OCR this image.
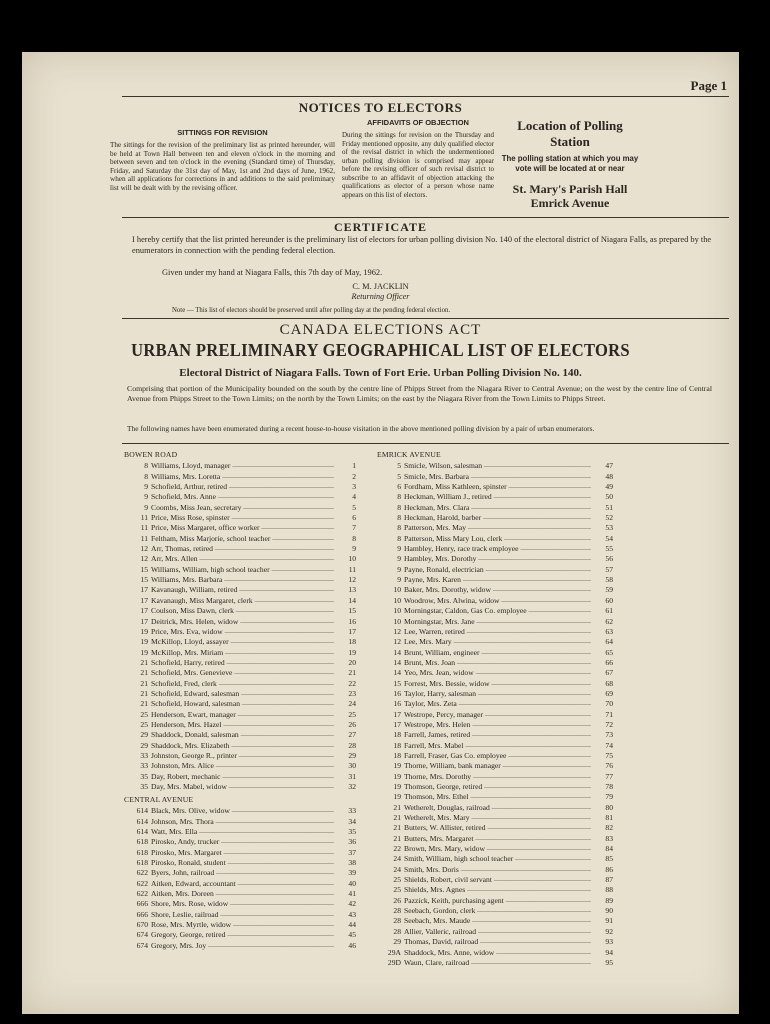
Page 1
NOTICES TO ELECTORS
SITTINGS FOR REVISION
The sittings for the revision of the preliminary list as printed hereunder, will be held at Town Hall between ten and eleven o'clock in the morning and between seven and ten o'clock in the evening (Standard time) of Thursday, Friday, and Saturday the 31st day of May, 1st and 2nd days of June, 1962, when all applications for corrections in and additions to the said preliminary list will be dealt with by the revising officer.
AFFIDAVITS OF OBJECTION
During the sittings for revision on the Thursday and Friday mentioned opposite, any duly qualified elector of the revisal district in which the undermentioned urban polling division is comprised may appear before the revising officer of such revisal district to subscribe to an affidavit of objection attacking the qualifications as elector of a person whose name appears on this list of electors.
Location of Polling Station
The polling station at which you may vote will be located at or near
St. Mary's Parish Hall Emrick Avenue
CERTIFICATE
I hereby certify that the list printed hereunder is the preliminary list of electors for urban polling division No. 140 of the electoral district of Niagara Falls, as prepared by the enumerators in connection with the pending federal election.
Given under my hand at Niagara Falls, this 7th day of May, 1962.
C. M. JACKLIN
Returning Officer
Note — This list of electors should be preserved until after polling day at the pending federal election.
CANADA ELECTIONS ACT
URBAN PRELIMINARY GEOGRAPHICAL LIST OF ELECTORS
Electoral District of Niagara Falls. Town of Fort Erie. Urban Polling Division No. 140.
Comprising that portion of the Municipality bounded on the south by the centre line of Phipps Street from the Niagara River to Central Avenue; on the west by the centre line of Central Avenue from Phipps Street to the Town Limits; on the north by the Town Limits; on the east by the Niagara River from the Town Limits to Phipps Street.
The following names have been enumerated during a recent house-to-house visitation in the above mentioned polling division by a pair of urban enumerators.
BOWEN ROAD
8 Williams, Lloyd, manager —————	1
8 Williams, Mrs. Loretta —————	2
9 Schofield, Arthur, retired —————	3
9 Schofield, Mrs. Anne —————	4
9 Coombs, Miss Jean, secretary —————	5
11 Price, Miss Rose, spinster —————	6
11 Price, Miss Margaret, office worker —————	7
11 Feltham, Miss Marjorie, school teacher —————	8
12 Arr, Thomas, retired —————	9
12 Arr, Mrs. Allen —————	10
15 Williams, William, high school teacher —————	11
15 Williams, Mrs. Barbara —————	12
17 Kavanaugh, William, retired —————	13
17 Kavanaugh, Miss Margaret, clerk —————	14
17 Coulson, Miss Dawn, clerk —————	15
17 Deitrick, Mrs. Helen, widow —————	16
19 Price, Mrs. Eva, widow —————	17
19 McKillop, Lloyd, assayer —————	18
19 McKillop, Mrs. Miriam —————	19
21 Schofield, Harry, retired —————	20
21 Schofield, Mrs. Genevieve —————	21
21 Schofield, Fred, clerk —————	22
21 Schofield, Edward, salesman —————	23
21 Schofield, Howard, salesman —————	24
25 Henderson, Ewart, manager —————	25
25 Henderson, Mrs. Hazel —————	26
29 Shaddock, Donald, salesman —————	27
29 Shaddock, Mrs. Elizabeth —————	28
33 Johnston, George R., printer —————	29
33 Johnston, Mrs. Alice —————	30
35 Day, Robert, mechanic —————	31
35 Day, Mrs. Mabel, widow —————	32
CENTRAL AVENUE
614 Black, Mrs. Olive, widow —————	33
614 Johnson, Mrs. Thora —————	34
614 Watt, Mrs. Ella —————	35
618 Pirosko, Andy, trucker —————	36
618 Pirosko, Mrs. Margaret —————	37
618 Pirosko, Ronald, student —————	38
622 Byers, John, railroad —————	39
622 Aitken, Edward, accountant —————	40
622 Aitken, Mrs. Doreen —————	41
666 Shore, Mrs. Rose, widow —————	42
666 Shore, Leslie, railroad —————	43
670 Rose, Mrs. Myrtle, widow —————	44
674 Gregory, George, retired —————	45
674 Gregory, Mrs. Joy —————	46
EMRICK AVENUE
5 Smicle, Wilson, salesman —————	47
5 Smicle, Mrs. Barbara —————	48
6 Fordham, Miss Kathleen, spinster —————	49
8 Heckman, William J., retired —————	50
8 Heckman, Mrs. Clara —————	51
8 Heckman, Harold, barber —————	52
8 Patterson, Mrs. May —————	53
8 Patterson, Miss Mary Lou, clerk —————	54
9 Hambley, Henry, race track employee —————	55
9 Hambley, Mrs. Dorothy —————	56
9 Payne, Ronald, electrician —————	57
9 Payne, Mrs. Karen —————	58
10 Baker, Mrs. Dorothy, widow —————	59
10 Woodrow, Mrs. Alwina, widow —————	60
10 Morningstar, Caldon, Gas Co. employee —————	61
10 Morningstar, Mrs. Jane —————	62
12 Lee, Warren, retired —————	63
12 Lee, Mrs. Mary —————	64
14 Brunt, William, engineer —————	65
14 Brunt, Mrs. Joan —————	66
14 Yeo, Mrs. Jean, widow —————	67
15 Forrest, Mrs. Bessie, widow —————	68
16 Taylor, Harry, salesman —————	69
16 Taylor, Mrs. Zeta —————	70
17 Westrope, Percy, manager —————	71
17 Westrope, Mrs. Helen —————	72
18 Farrell, James, retired —————	73
18 Farrell, Mrs. Mabel —————	74
18 Farrell, Fraser, Gas Co. employee —————	75
19 Thorne, William, bank manager —————	76
19 Thorne, Mrs. Dorothy —————	77
19 Thomson, George, retired —————	78
19 Thomson, Mrs. Ethel —————	79
21 Wetherelt, Douglas, railroad —————	80
21 Wetherelt, Mrs. Mary —————	81
21 Butters, W. Allister, retired —————	82
21 Butters, Mrs. Margaret —————	83
22 Brown, Mrs. Mary, widow —————	84
24 Smith, William, high school teacher —————	85
24 Smith, Mrs. Doris —————	86
25 Shields, Robert, civil servant —————	87
25 Shields, Mrs. Agnes —————	88
26 Pazzick, Keith, purchasing agent —————	89
28 Seebach, Gordon, clerk —————	90
28 Seebach, Mrs. Maude —————	91
28 Allier, Valleric, railroad —————	92
29 Thomas, David, railroad —————	93
29A Shaddock, Mrs. Anne, widow —————	94
29D Waun, Clare, railroad —————	95
